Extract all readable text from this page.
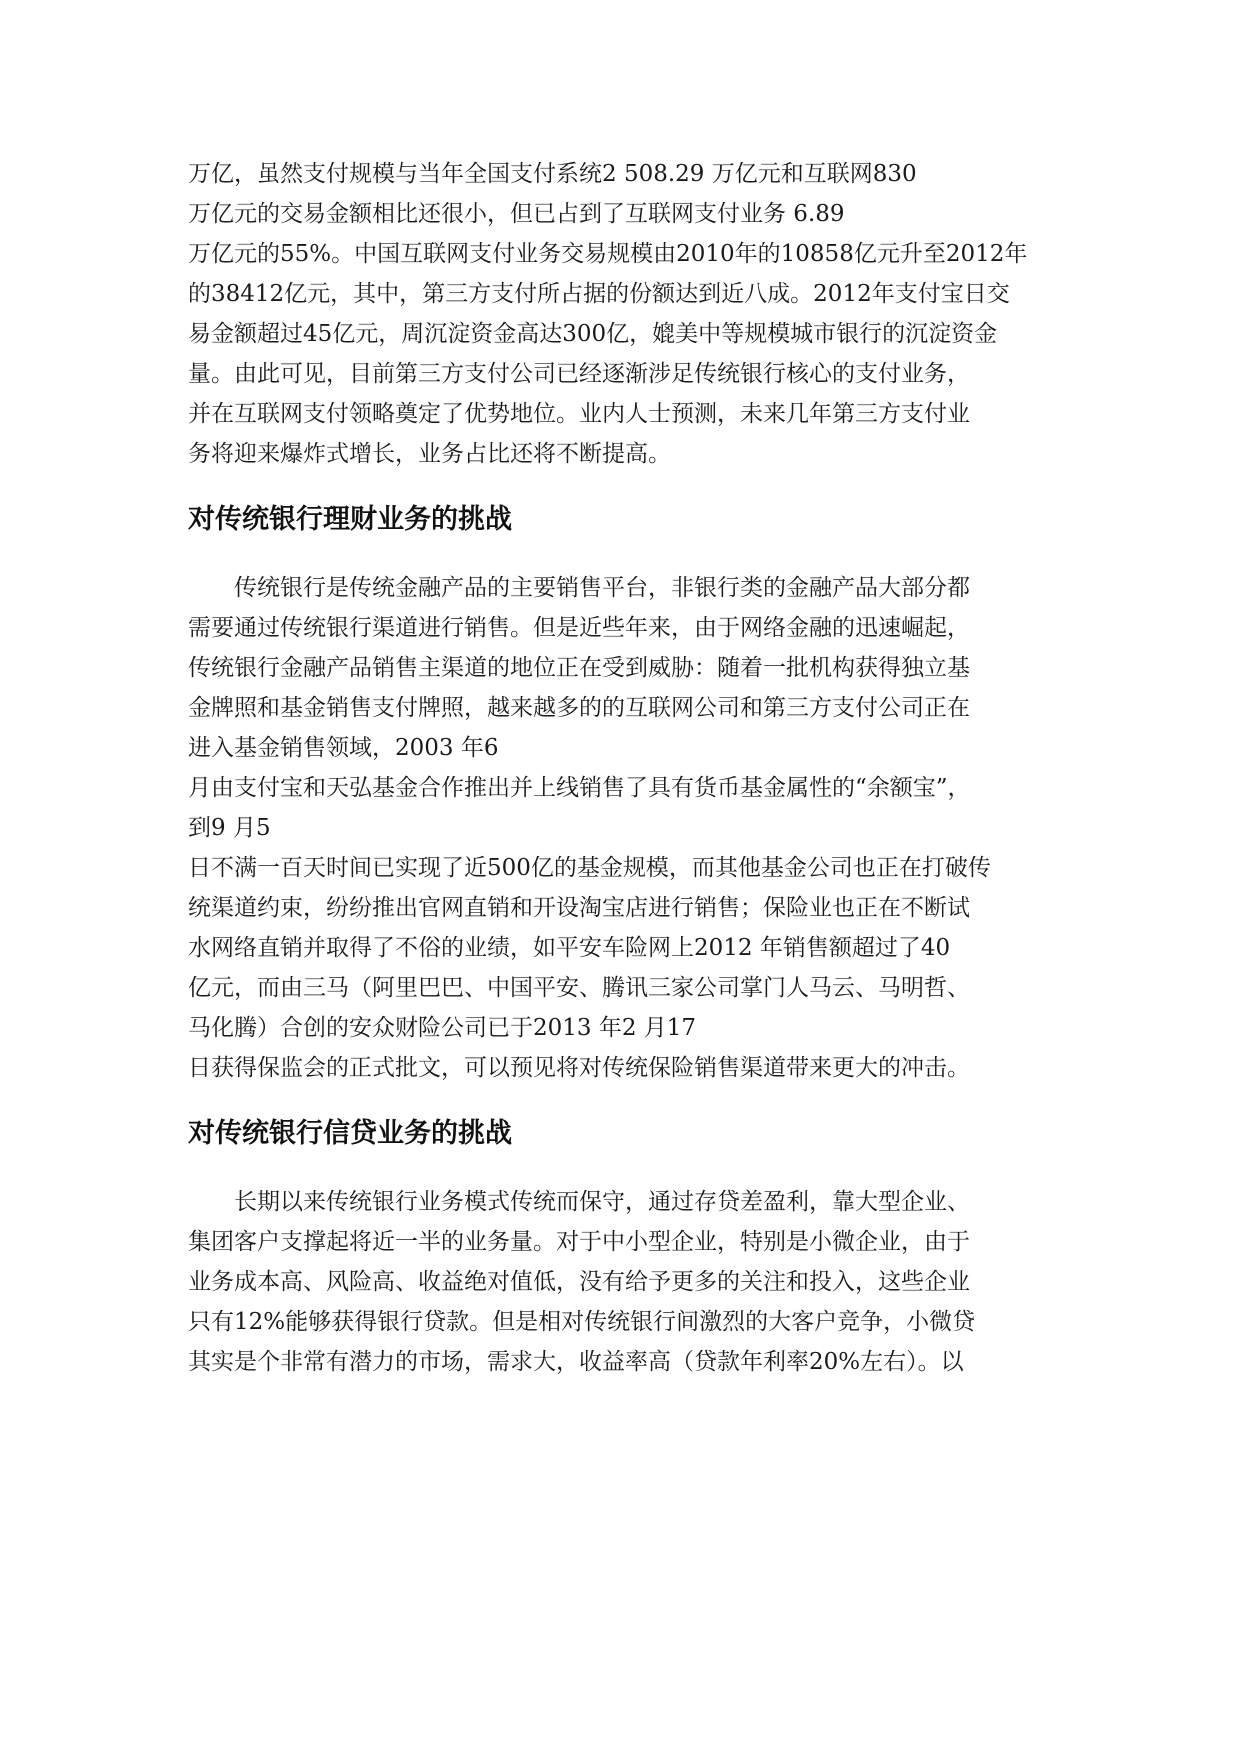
万亿，虽然支付规模与当年全国支付系统2 508.29 万亿元和互联网830
万亿元的交易金额相比还很小，但已占到了互联网支付业务 6.89
万亿元的55%。中国互联网支付业务交易规模由2010年的10858亿元升至2012年
的38412亿元，其中，第三方支付所占据的份额达到近八成。2012年支付宝日交
易金额超过45亿元，周沉淀资金高达300亿，媲美中等规模城市银行的沉淀资金
量。由此可见，目前第三方支付公司已经逐渐涉足传统银行核心的支付业务，
并在互联网支付领略奠定了优势地位。业内人士预测，未来几年第三方支付业
务将迎来爆炸式增长，业务占比还将不断提高。
对传统银行理财业务的挑战
传统银行是传统金融产品的主要销售平台，非银行类的金融产品大部分都
需要通过传统银行渠道进行销售。但是近些年来，由于网络金融的迅速崛起，
传统银行金融产品销售主渠道的地位正在受到威胁：随着一批机构获得独立基
金牌照和基金销售支付牌照，越来越多的的互联网公司和第三方支付公司正在
进入基金销售领域，2003 年6
月由支付宝和天弘基金合作推出并上线销售了具有货币基金属性的“余额宝”，
到9 月5
日不满一百天时间已实现了近500亿的基金规模，而其他基金公司也正在打破传
统渠道约束，纷纷推出官网直销和开设淘宝店进行销售；保险业也正在不断试
水网络直销并取得了不俗的业绩，如平安车险网上2012 年销售额超过了40
亿元，而由三马（阿里巴巴、中国平安、腾讯三家公司掌门人马云、马明哲、
马化腾）合创的安众财险公司已于2013 年2 月17
日获得保监会的正式批文，可以预见将对传统保险销售渠道带来更大的冲击。
对传统银行信贷业务的挑战
长期以来传统银行业务模式传统而保守，通过存贷差盈利，靠大型企业、
集团客户支撑起将近一半的业务量。对于中小型企业，特别是小微企业，由于
业务成本高、风险高、收益绝对值低，没有给予更多的关注和投入，这些企业
只有12%能够获得银行贷款。但是相对传统银行间激烈的大客户竞争，小微贷
其实是个非常有潜力的市场，需求大，收益率高（贷款年利率20%左右）。以
